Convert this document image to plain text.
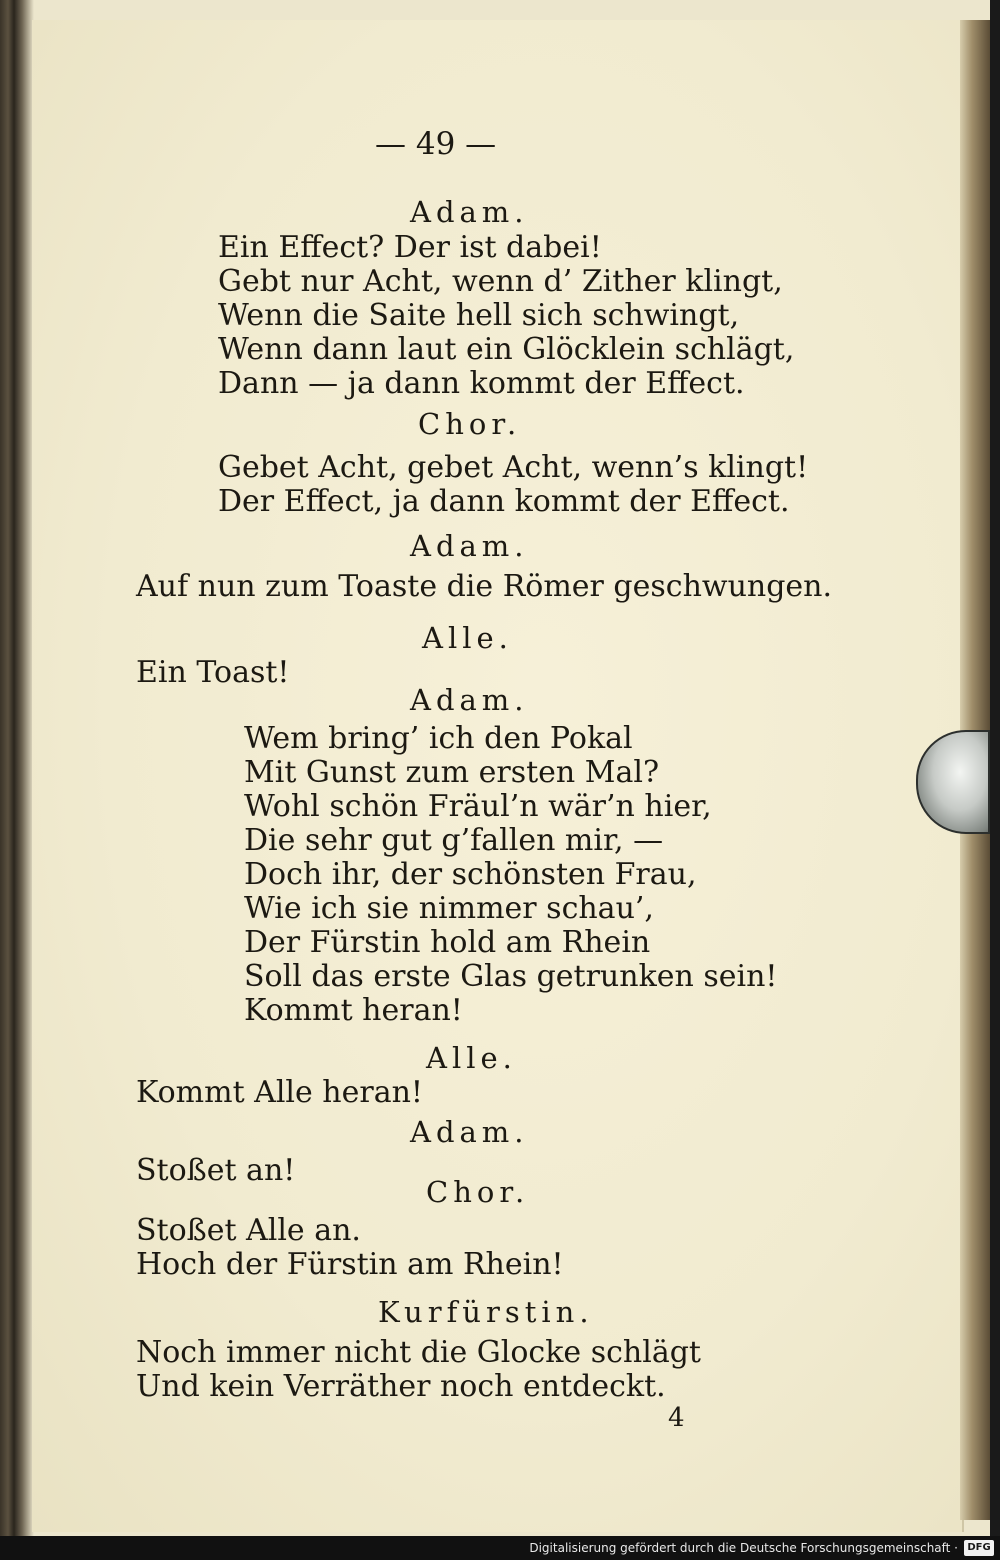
— 49 —
Adam.
Ein Effect? Der ist dabei!
Gebt nur Acht, wenn d’ Zither klingt,
Wenn die Saite hell sich schwingt,
Wenn dann laut ein Glöcklein schlägt,
Dann — ja dann kommt der Effect.
Chor.
Gebet Acht, gebet Acht, wenn’s klingt!
Der Effect, ja dann kommt der Effect.
Adam.
Auf nun zum Toaste die Römer geschwungen.
Alle.
Ein Toast!
Adam.
Wem bring’ ich den Pokal
Mit Gunst zum ersten Mal?
Wohl schön Fräul’n wär’n hier,
Die sehr gut g’fallen mir, —
Doch ihr, der schönsten Frau,
Wie ich sie nimmer schau’,
Der Fürstin hold am Rhein
Soll das erste Glas getrunken sein!
Kommt heran!
Alle.
Kommt Alle heran!
Adam.
Stoßet an!
Chor.
Stoßet Alle an.
Hoch der Fürstin am Rhein!
Kurfürstin.
Noch immer nicht die Glocke schlägt
Und kein Verräther noch entdeckt.
4
Digitalisierung gefördert durch die Deutsche Forschungsgemeinschaft · DFG
